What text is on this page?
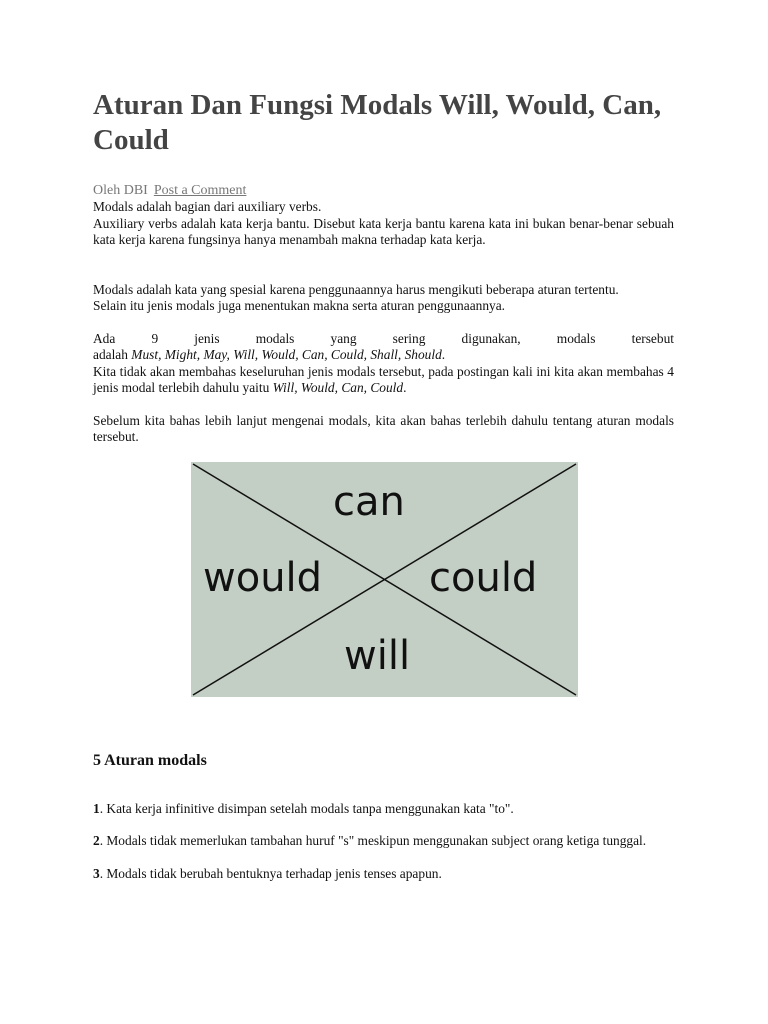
Aturan Dan Fungsi Modals Will, Would, Can, Could
Oleh DBI Post a Comment

Modals adalah bagian dari auxiliary verbs.

Auxiliary verbs adalah kata kerja bantu. Disebut kata kerja bantu karena kata ini bukan benar-benar sebuah kata kerja karena fungsinya hanya menambah makna terhadap kata kerja.

Modals adalah kata yang spesial karena penggunaannya harus mengikuti beberapa aturan tertentu.

Selain itu jenis modals juga menentukan makna serta aturan penggunaannya.

Ada 9 jenis modals yang sering digunakan, modals tersebut

adalah Must, Might, May, Will, Would, Can, Could, Shall, Should.

Kita tidak akan membahas keseluruhan jenis modals tersebut, pada postingan kali ini kita akan membahas 4 jenis modal terlebih dahulu yaitu Will, Would, Can, Could.

Sebelum kita bahas lebih lanjut mengenai modals, kita akan bahas terlebih dahulu tentang aturan modals tersebut.

can
would	could
will
5 Aturan modals

1. Kata kerja infinitive disimpan setelah modals tanpa menggunakan kata "to".

2. Modals tidak memerlukan tambahan huruf "s" meskipun menggunakan subject orang ketiga tunggal.

3. Modals tidak berubah bentuknya terhadap jenis tenses apapun.
